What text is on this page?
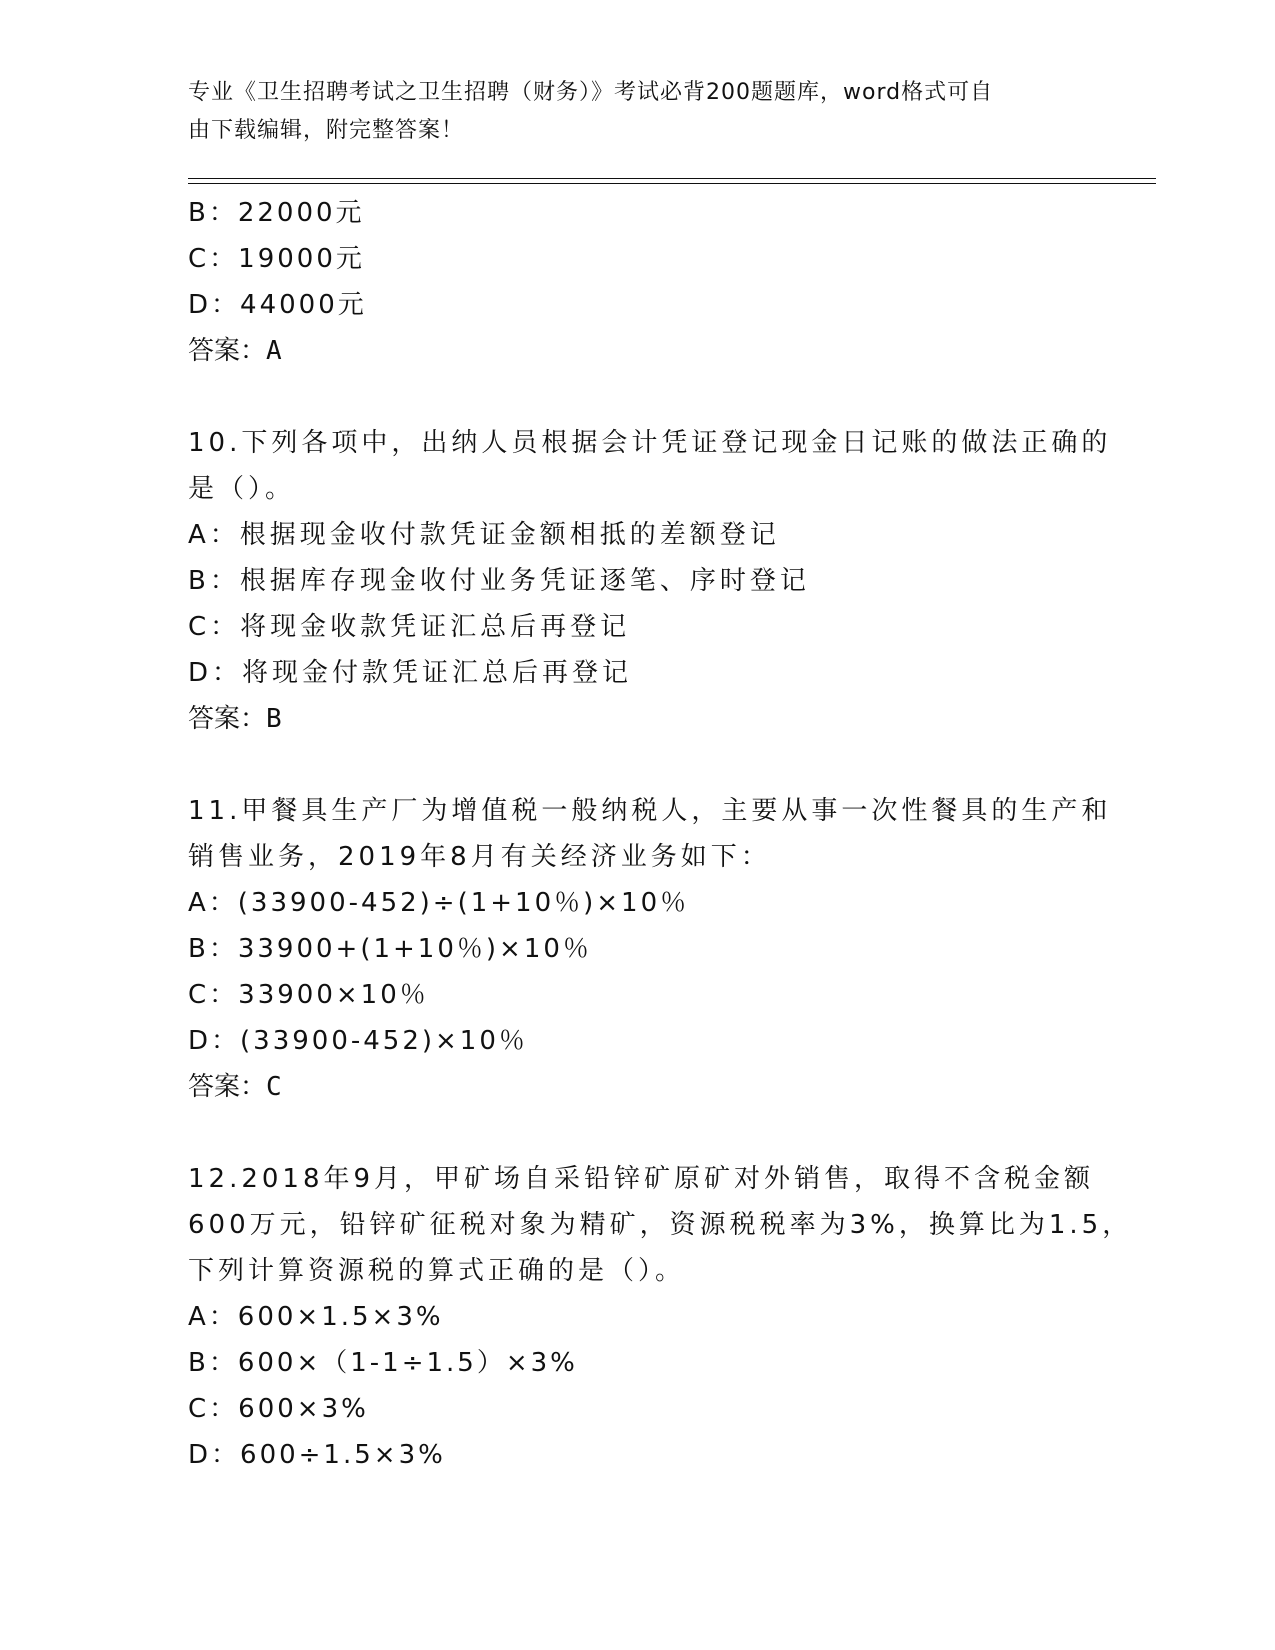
专业《卫生招聘考试之卫生招聘（财务）》考试必背200题题库，word格式可自
由下载编辑，附完整答案！
B：22000元
C：19000元
D：44000元
答案：A
10.下列各项中，出纳人员根据会计凭证登记现金日记账的做法正确的
是（）。
A：根据现金收付款凭证金额相抵的差额登记
B：根据库存现金收付业务凭证逐笔、序时登记
C：将现金收款凭证汇总后再登记
D：将现金付款凭证汇总后再登记
答案：B
11.甲餐具生产厂为增值税一般纳税人，主要从事一次性餐具的生产和
销售业务，2019年8月有关经济业务如下：
A：(33900-452)÷(1+10％)×10％
B：33900+(1+10％)×10％
C：33900×10％
D：(33900-452)×10％
答案：C
12.2018年9月，甲矿场自采铅锌矿原矿对外销售，取得不含税金额
600万元，铅锌矿征税对象为精矿，资源税税率为3%，换算比为1.5，
下列计算资源税的算式正确的是（）。
A：600×1.5×3%
B：600×（1-1÷1.5）×3%
C：600×3%
D：600÷1.5×3%
